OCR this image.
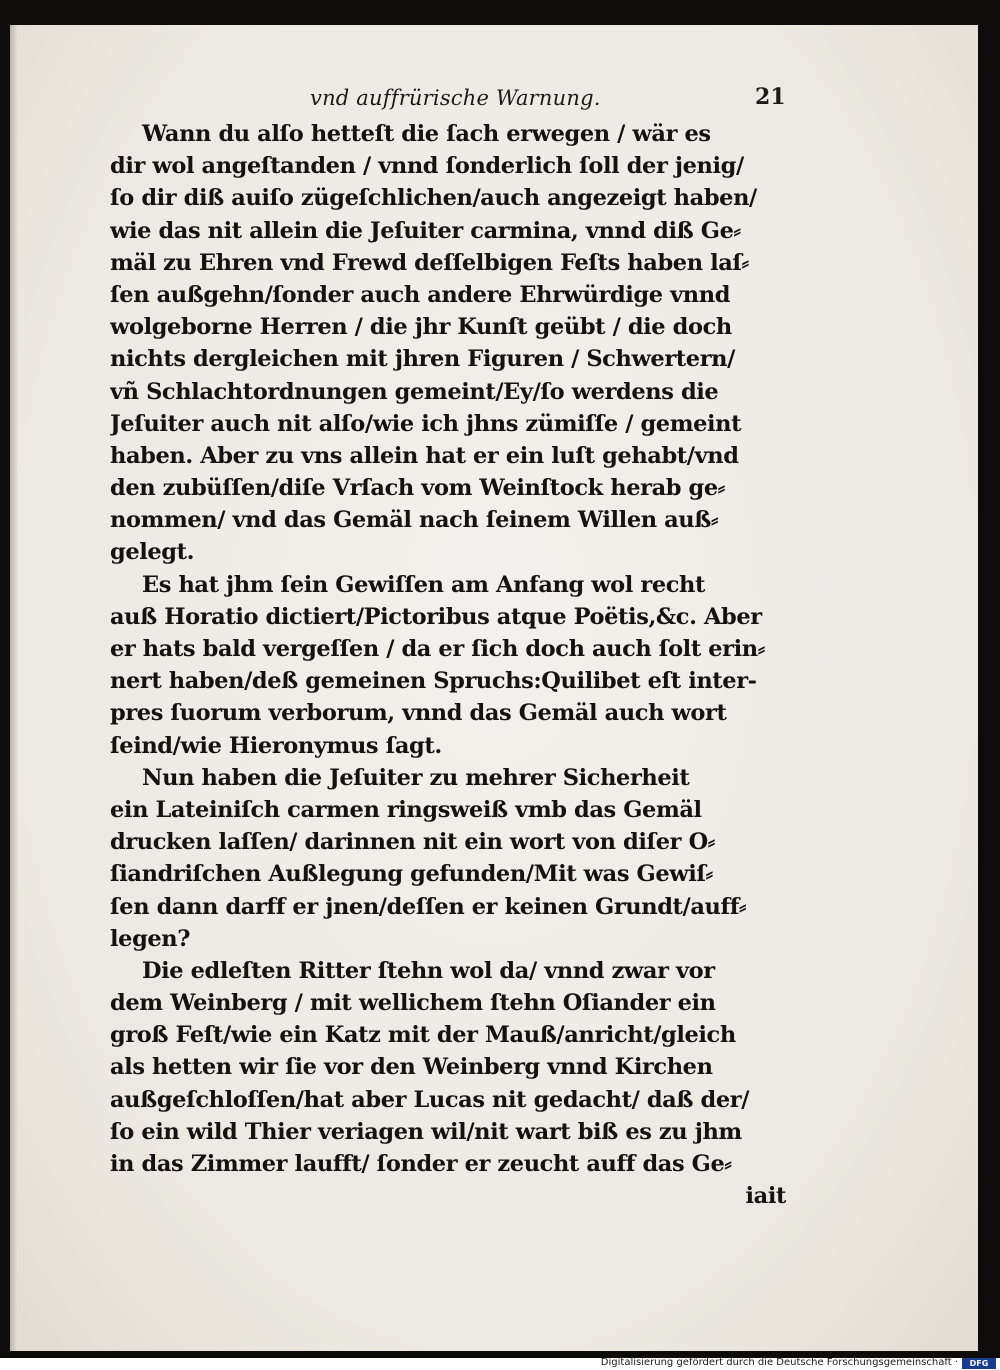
vnd auffrürische Warnung.	21
Wann du alſo hetteſt die ſach erwegen / wär es
dir wol angeſtanden / vnnd ſonderlich ſoll der jenig/
ſo dir diß auiſo zügeſchlichen/auch angezeigt haben/
wie das nit allein die Jeſuiter carmina, vnnd diß Ge⸗
mäl zu Ehren vnd Frewd deſſelbigen Feſts haben laſ⸗
ſen außgehn/ſonder auch andere Ehrwürdige vnnd
wolgeborne Herren / die jhr Kunſt geübt / die doch
nichts dergleichen mit jhren Figuren / Schwertern/
vñ Schlachtordnungen gemeint/Ey/ſo werdens die
Jeſuiter auch nit alſo/wie ich jhns zümiſſe / gemeint
haben. Aber zu vns allein hat er ein luſt gehabt/vnd
den zubüſſen/diſe Vrſach vom Weinſtock herab ge⸗
nommen/ vnd das Gemäl nach ſeinem Willen auß⸗
gelegt.
Es hat jhm ſein Gewiſſen am Anfang wol recht
auß Horatio dictiert/Pictoribus atque Poëtis,&c. Aber
er hats bald vergeſſen / da er ſich doch auch ſolt erin⸗
nert haben/deß gemeinen Spruchs:Quilibet eſt inter-
pres ſuorum verborum, vnnd das Gemäl auch wort
ſeind/wie Hieronymus ſagt.
Nun haben die Jeſuiter zu mehrer Sicherheit
ein Lateiniſch carmen ringsweiß vmb das Gemäl
drucken laſſen/ darinnen nit ein wort von diſer O⸗
ſiandriſchen Außlegung gefunden/Mit was Gewiſ⸗
ſen dann darff er jnen/deſſen er keinen Grundt/auff⸗
legen?
Die edleſten Ritter ſtehn wol da/ vnnd zwar vor
dem Weinberg / mit wellichem ſtehn Oſiander ein
groß Feſt/wie ein Katz mit der Mauß/anricht/gleich
als hetten wir ſie vor den Weinberg vnnd Kirchen
außgeſchloſſen/hat aber Lucas nit gedacht/ daß der/
ſo ein wild Thier veriagen wil/nit wart biß es zu jhm
in das Zimmer laufft/ ſonder er zeucht auff das Ge⸗
iait
Digitalisierung gefördert durch die Deutsche Forschungsgemeinschaft ·	DFG
